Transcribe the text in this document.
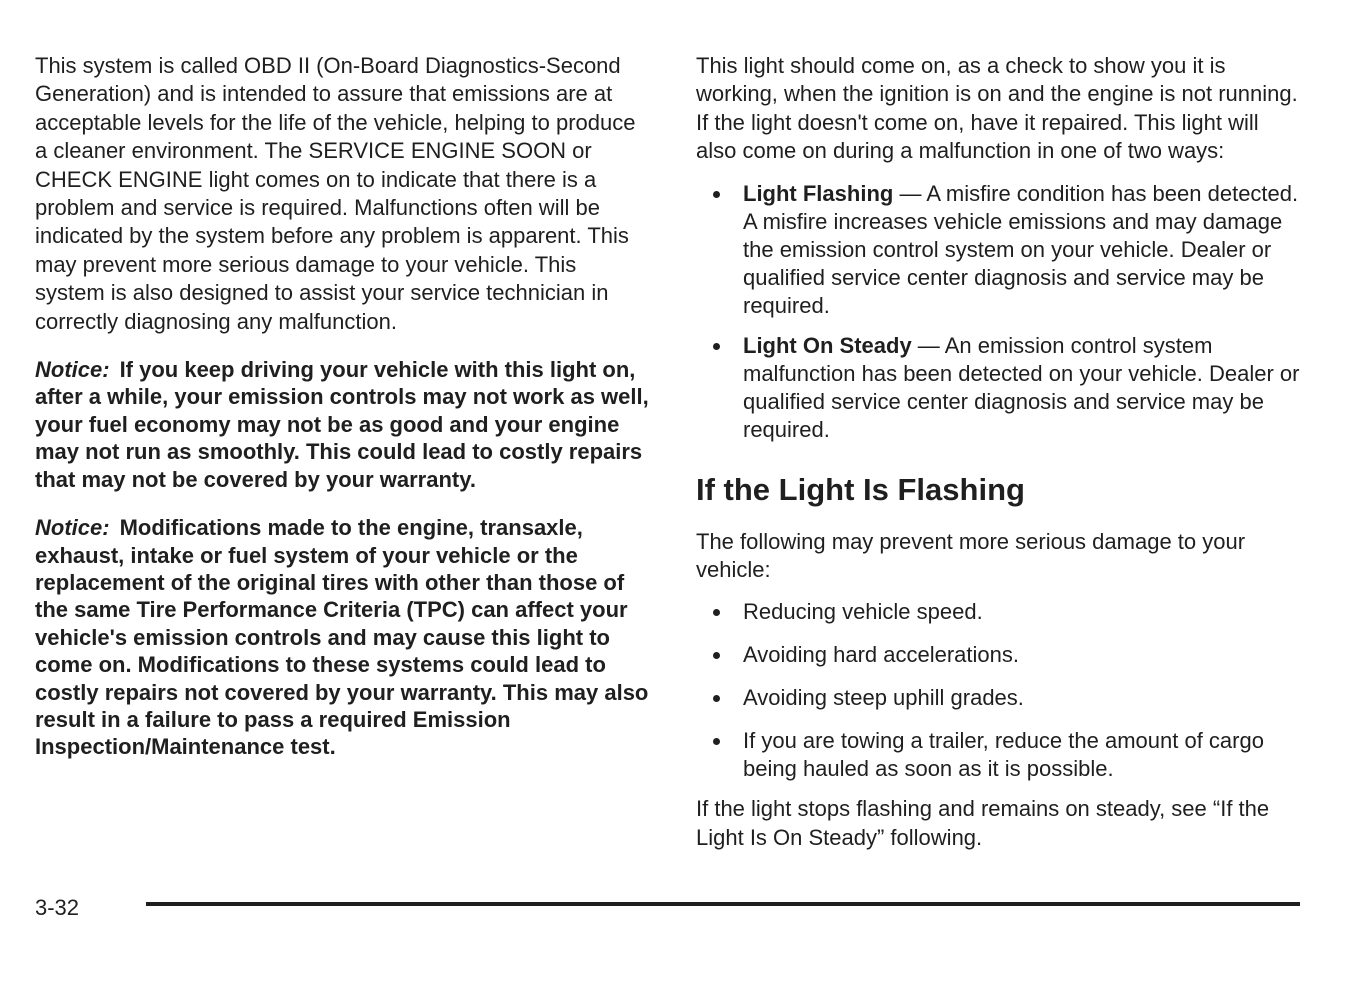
This system is called OBD II (On-Board Diagnostics-Second Generation) and is intended to assure that emissions are at acceptable levels for the life of the vehicle, helping to produce a cleaner environment. The SERVICE ENGINE SOON or CHECK ENGINE light comes on to indicate that there is a problem and service is required. Malfunctions often will be indicated by the system before any problem is apparent. This may prevent more serious damage to your vehicle. This system is also designed to assist your service technician in correctly diagnosing any malfunction.

Notice: If you keep driving your vehicle with this light on, after a while, your emission controls may not work as well, your fuel economy may not be as good and your engine may not run as smoothly. This could lead to costly repairs that may not be covered by your warranty.

Notice: Modifications made to the engine, transaxle, exhaust, intake or fuel system of your vehicle or the replacement of the original tires with other than those of the same Tire Performance Criteria (TPC) can affect your vehicle's emission controls and may cause this light to come on. Modifications to these systems could lead to costly repairs not covered by your warranty. This may also result in a failure to pass a required Emission Inspection/Maintenance test.

This light should come on, as a check to show you it is working, when the ignition is on and the engine is not running. If the light doesn't come on, have it repaired. This light will also come on during a malfunction in one of two ways:

Light Flashing — A misfire condition has been detected. A misfire increases vehicle emissions and may damage the emission control system on your vehicle. Dealer or qualified service center diagnosis and service may be required.
Light On Steady — An emission control system malfunction has been detected on your vehicle. Dealer or qualified service center diagnosis and service may be required.
If the Light Is Flashing

The following may prevent more serious damage to your vehicle:

Reducing vehicle speed.
Avoiding hard accelerations.
Avoiding steep uphill grades.
If you are towing a trailer, reduce the amount of cargo being hauled as soon as it is possible.

If the light stops flashing and remains on steady, see “If the Light Is On Steady” following.

3-32
